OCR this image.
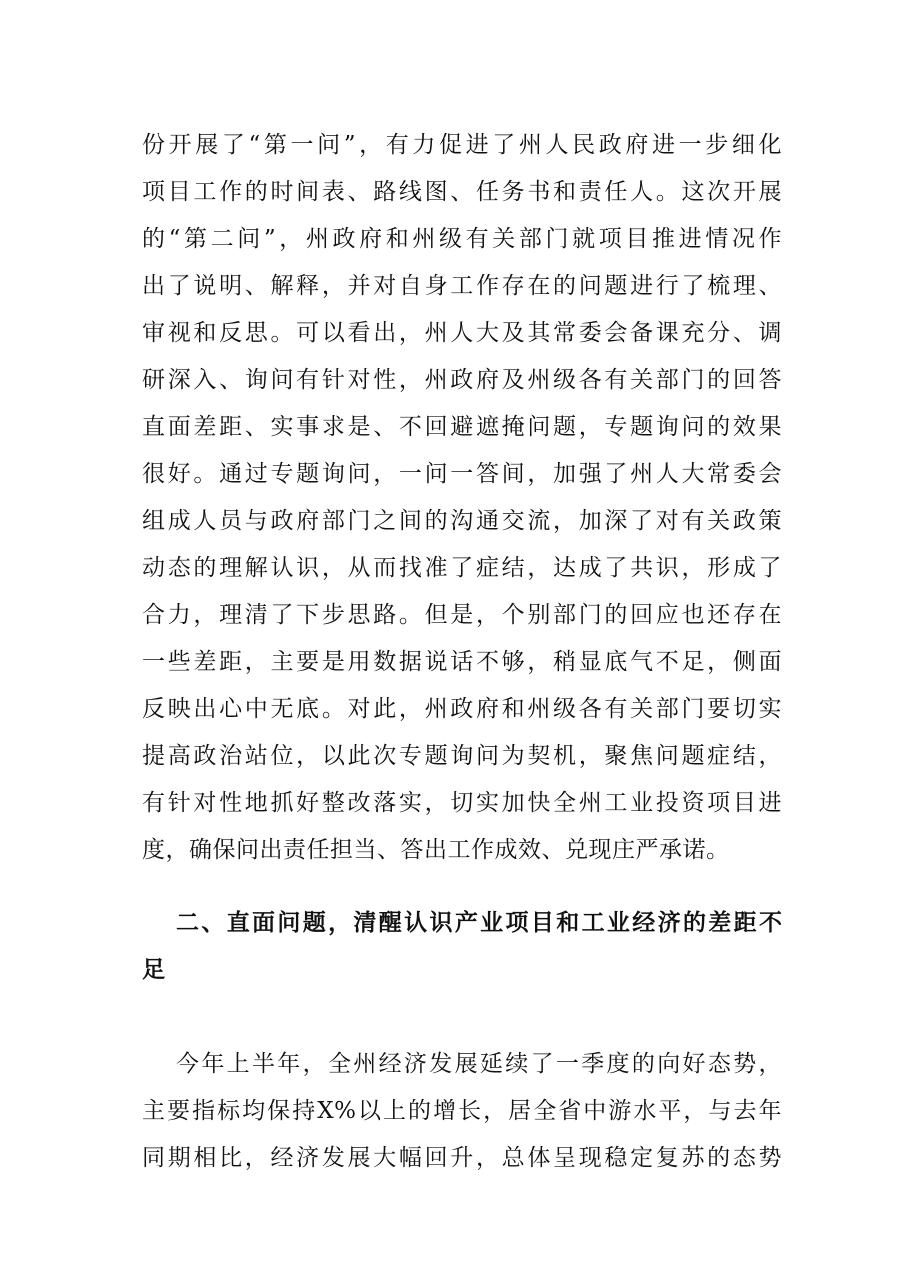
份开展了“第一问”，有力促进了州人民政府进一步细化
项目工作的时间表、路线图、任务书和责任人。这次开展
的“第二问”，州政府和州级有关部门就项目推进情况作
出了说明、解释，并对自身工作存在的问题进行了梳理、
审视和反思。可以看出，州人大及其常委会备课充分、调
研深入、询问有针对性，州政府及州级各有关部门的回答
直面差距、实事求是、不回避遮掩问题，专题询问的效果
很好。通过专题询问，一问一答间，加强了州人大常委会
组成人员与政府部门之间的沟通交流，加深了对有关政策
动态的理解认识，从而找准了症结，达成了共识，形成了
合力，理清了下步思路。但是，个别部门的回应也还存在
一些差距，主要是用数据说话不够，稍显底气不足，侧面
反映出心中无底。对此，州政府和州级各有关部门要切实
提高政治站位，以此次专题询问为契机，聚焦问题症结，
有针对性地抓好整改落实，切实加快全州工业投资项目进
度，确保问出责任担当、答出工作成效、兑现庄严承诺。
二、直面问题，清醒认识产业项目和工业经济的差距不
足
今年上半年，全州经济发展延续了一季度的向好态势，
主要指标均保持X%以上的增长，居全省中游水平，与去年
同期相比，经济发展大幅回升，总体呈现稳定复苏的态势
